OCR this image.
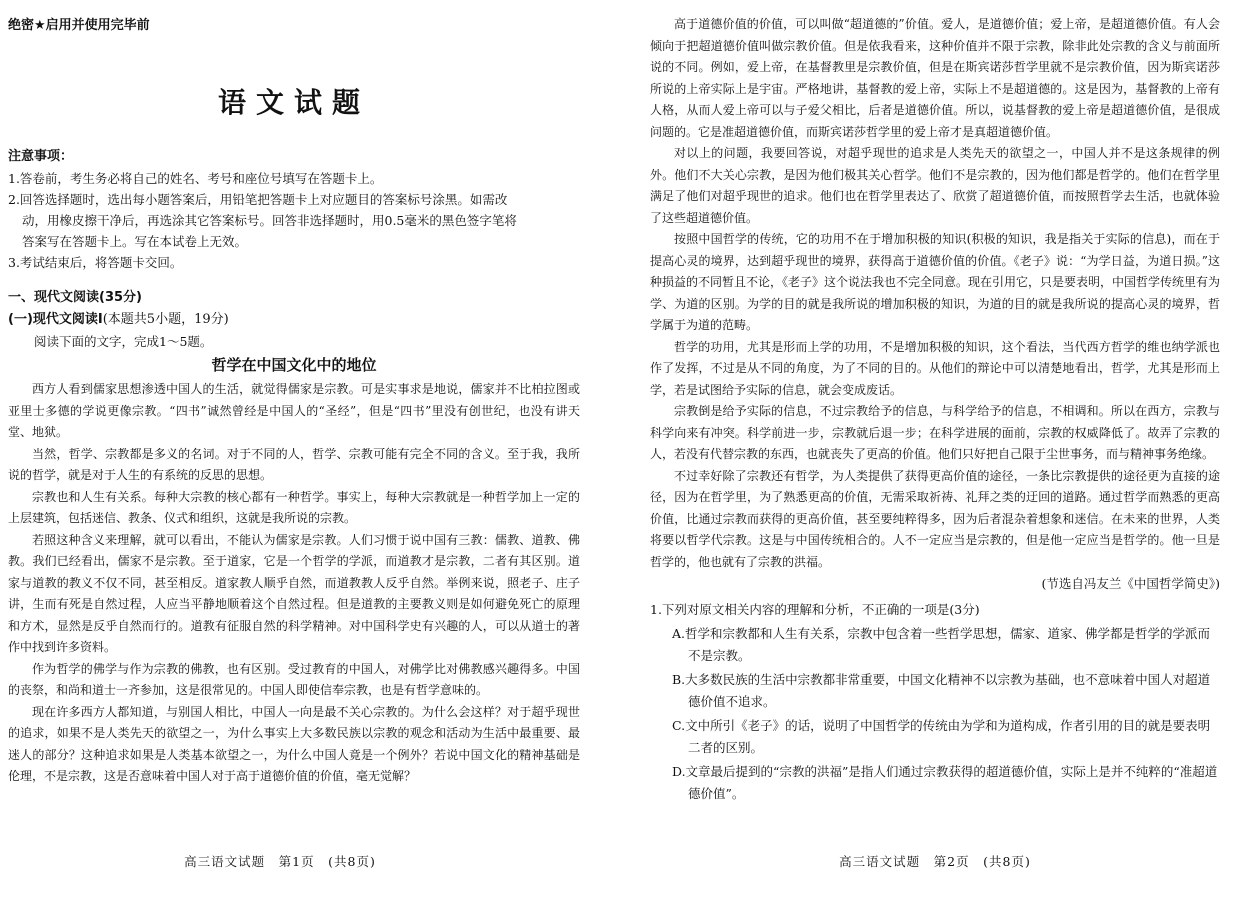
绝密★启用并使用完毕前
语文试题
注意事项：

1.答卷前，考生务必将自己的姓名、考号和座位号填写在答题卡上。

2.回答选择题时，选出每小题答案后，用铅笔把答题卡上对应题目的答案标号涂黑。如需改

动，用橡皮擦干净后，再选涂其它答案标号。回答非选择题时，用0.5毫米的黑色签字笔将

答案写在答题卡上。写在本试卷上无效。

3.考试结束后，将答题卡交回。

一、现代文阅读(35分)
(一)现代文阅读Ⅰ(本题共5小题，19分)
阅读下面的文字，完成1～5题。
哲学在中国文化中的地位

西方人看到儒家思想渗透中国人的生活，就觉得儒家是宗教。可是实事求是地说，儒家并不比柏拉图或亚里士多德的学说更像宗教。“四书”诚然曾经是中国人的“圣经”，但是“四书”里没有创世纪，也没有讲天堂、地狱。

当然，哲学、宗教都是多义的名词。对于不同的人，哲学、宗教可能有完全不同的含义。至于我，我所说的哲学，就是对于人生的有系统的反思的思想。

宗教也和人生有关系。每种大宗教的核心都有一种哲学。事实上，每种大宗教就是一种哲学加上一定的上层建筑，包括迷信、教条、仪式和组织，这就是我所说的宗教。

若照这种含义来理解，就可以看出，不能认为儒家是宗教。人们习惯于说中国有三教：儒教、道教、佛教。我们已经看出，儒家不是宗教。至于道家，它是一个哲学的学派，而道教才是宗教，二者有其区别。道家与道教的教义不仅不同，甚至相反。道家教人顺乎自然，而道教教人反乎自然。举例来说，照老子、庄子讲，生而有死是自然过程，人应当平静地顺着这个自然过程。但是道教的主要教义则是如何避免死亡的原理和方术，显然是反乎自然而行的。道教有征服自然的科学精神。对中国科学史有兴趣的人，可以从道士的著作中找到许多资料。

作为哲学的佛学与作为宗教的佛教，也有区别。受过教育的中国人，对佛学比对佛教感兴趣得多。中国的丧祭，和尚和道士一齐参加，这是很常见的。中国人即使信奉宗教，也是有哲学意味的。

现在许多西方人都知道，与别国人相比，中国人一向是最不关心宗教的。为什么会这样？对于超乎现世的追求，如果不是人类先天的欲望之一，为什么事实上大多数民族以宗教的观念和活动为生活中最重要、最迷人的部分？这种追求如果是人类基本欲望之一，为什么中国人竟是一个例外？若说中国文化的精神基础是伦理，不是宗教，这是否意味着中国人对于高于道德价值的价值，毫无觉解？

高三语文试题　第1页　(共8页)

高于道德价值的价值，可以叫做“超道德的”价值。爱人，是道德价值；爱上帝，是超道德价值。有人会倾向于把超道德价值叫做宗教价值。但是依我看来，这种价值并不限于宗教，除非此处宗教的含义与前面所说的不同。例如，爱上帝，在基督教里是宗教价值，但是在斯宾诺莎哲学里就不是宗教价值，因为斯宾诺莎所说的上帝实际上是宇宙。严格地讲，基督教的爱上帝，实际上不是超道德的。这是因为，基督教的上帝有人格，从而人爱上帝可以与子爱父相比，后者是道德价值。所以，说基督教的爱上帝是超道德价值，是很成问题的。它是准超道德价值，而斯宾诺莎哲学里的爱上帝才是真超道德价值。

对以上的问题，我要回答说，对超乎现世的追求是人类先天的欲望之一，中国人并不是这条规律的例外。他们不大关心宗教，是因为他们极其关心哲学。他们不是宗教的，因为他们都是哲学的。他们在哲学里满足了他们对超乎现世的追求。他们也在哲学里表达了、欣赏了超道德价值，而按照哲学去生活，也就体验了这些超道德价值。

按照中国哲学的传统，它的功用不在于增加积极的知识(积极的知识，我是指关于实际的信息)，而在于提高心灵的境界，达到超乎现世的境界，获得高于道德价值的价值。《老子》说：“为学日益，为道日损。”这种损益的不同暂且不论，《老子》这个说法我也不完全同意。现在引用它，只是要表明，中国哲学传统里有为学、为道的区别。为学的目的就是我所说的增加积极的知识，为道的目的就是我所说的提高心灵的境界，哲学属于为道的范畴。

哲学的功用，尤其是形而上学的功用，不是增加积极的知识，这个看法，当代西方哲学的维也纳学派也作了发挥，不过是从不同的角度，为了不同的目的。从他们的辩论中可以清楚地看出，哲学，尤其是形而上学，若是试图给予实际的信息，就会变成废话。

宗教倒是给予实际的信息，不过宗教给予的信息，与科学给予的信息，不相调和。所以在西方，宗教与科学向来有冲突。科学前进一步，宗教就后退一步；在科学进展的面前，宗教的权威降低了。故弄了宗教的人，若没有代替宗教的东西，也就丧失了更高的价值。他们只好把自己限于尘世事务，而与精神事务绝缘。

不过幸好除了宗教还有哲学，为人类提供了获得更高价值的途径，一条比宗教提供的途径更为直接的途径，因为在哲学里，为了熟悉更高的价值，无需采取祈祷、礼拜之类的迂回的道路。通过哲学而熟悉的更高价值，比通过宗教而获得的更高价值，甚至要纯粹得多，因为后者混杂着想象和迷信。在未来的世界，人类将要以哲学代宗教。这是与中国传统相合的。人不一定应当是宗教的，但是他一定应当是哲学的。他一旦是哲学的，他也就有了宗教的洪福。

(节选自冯友兰《中国哲学简史》)

1.下列对原文相关内容的理解和分析，不正确的一项是(3分)

A.哲学和宗教都和人生有关系，宗教中包含着一些哲学思想，儒家、道家、佛学都是哲学的学派而不是宗教。

B.大多数民族的生活中宗教都非常重要，中国文化精神不以宗教为基础，也不意味着中国人对超道德价值不追求。

C.文中所引《老子》的话，说明了中国哲学的传统由为学和为道构成，作者引用的目的就是要表明二者的区别。

D.文章最后提到的“宗教的洪福”是指人们通过宗教获得的超道德价值，实际上是并不纯粹的“准超道德价值”。

高三语文试题　第2页　(共8页)
